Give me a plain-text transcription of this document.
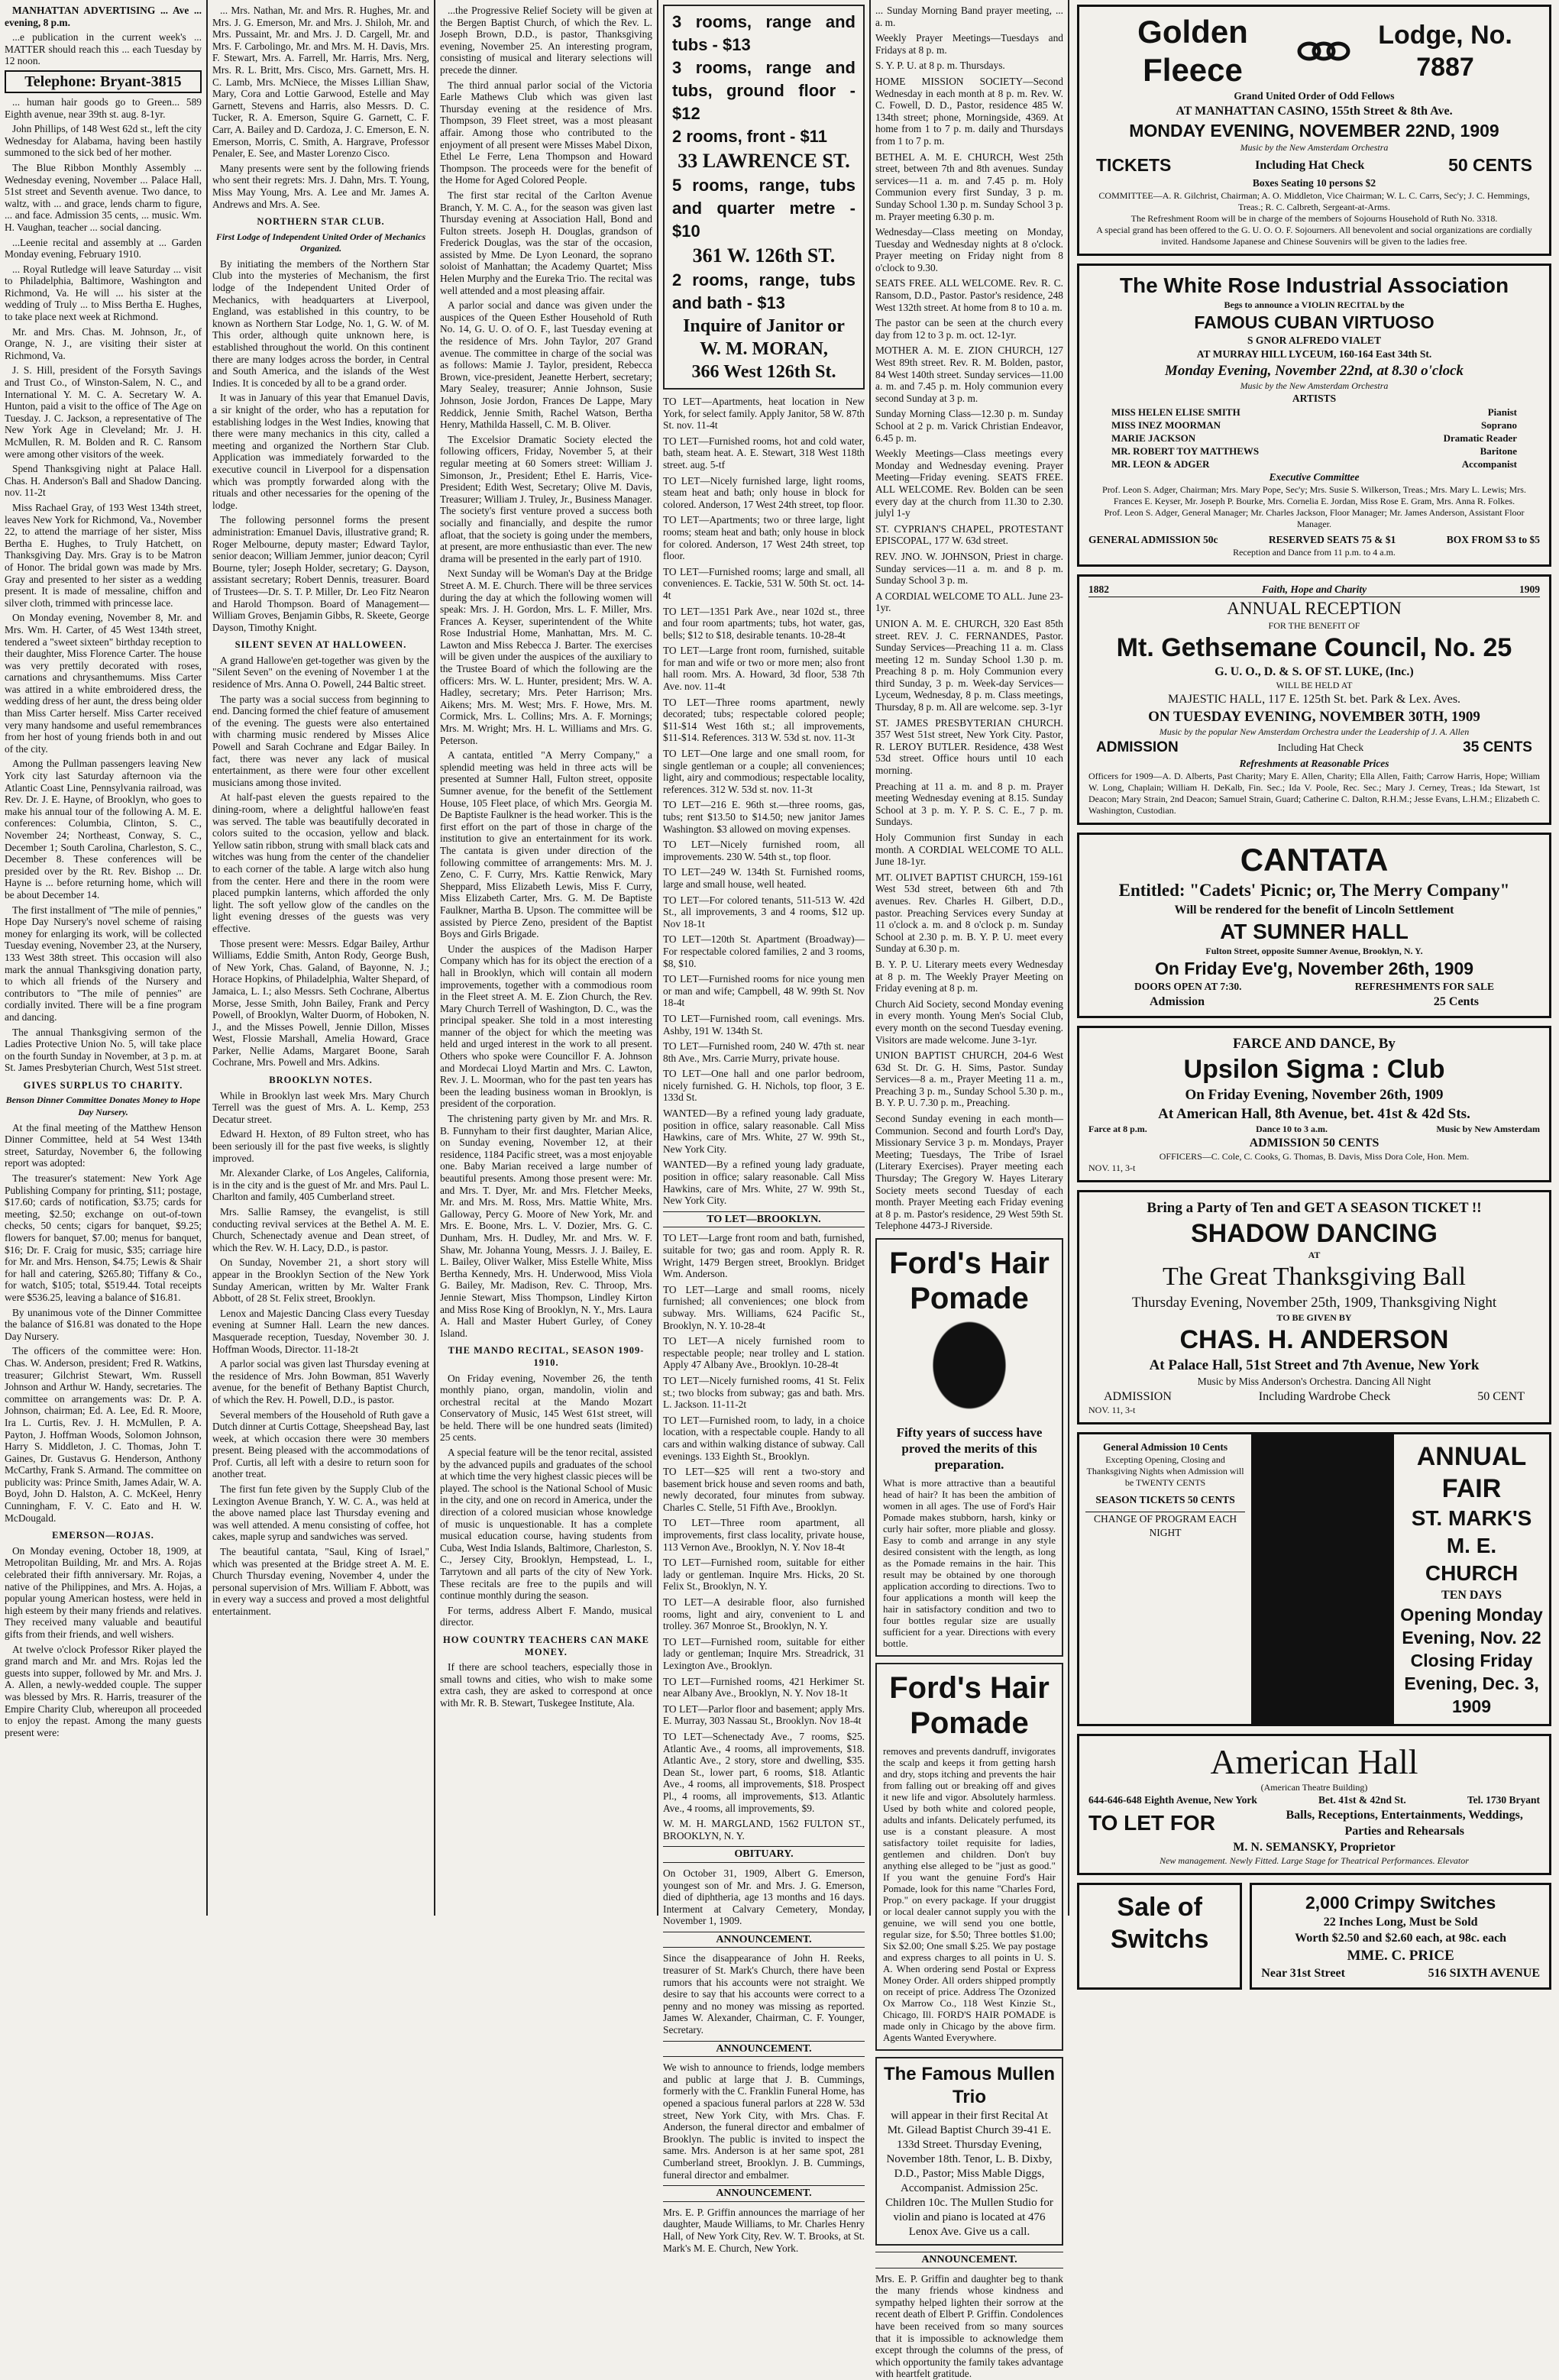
MANHATTAN ADVERTISING ... Ave ... evening, 8 p.m.

...e publication in the current week's ... MATTER should reach this ... each Tuesday by 12 noon.

Telephone: Bryant-3815

... human hair goods go to Green... 589 Eighth avenue, near 39th st. aug. 8-1yr.

John Phillips, of 148 West 62d st., left the city Wednesday for Alabama, having been hastily summoned to the sick bed of her mother.

The Blue Ribbon Monthly Assembly ... Wednesday evening, November ... Palace Hall, 51st street and Seventh avenue. Two dance, to waltz, with ... and grace, lends charm to figure, ... and face. Admission 35 cents, ... music. Wm. H. Vaughan, teacher ... social dancing.

...Leenie recital and assembly at ... Garden Monday evening, February 1910.

... Royal Rutledge will leave Saturday ... visit to Philadelphia, Baltimore, Washington and Richmond, Va. He will ... his sister at the wedding of Truly ... to Miss Bertha E. Hughes, to take place next week at Richmond.

Mr. and Mrs. Chas. M. Johnson, Jr., of Orange, N. J., are visiting their sister at Richmond, Va.

J. S. Hill, president of the Forsyth Savings and Trust Co., of Winston-Salem, N. C., and International Y. M. C. A. Secretary W. A. Hunton, paid a visit to the office of The Age on Tuesday. J. C. Jackson, a representative of The New York Age in Cleveland; Mr. J. H. McMullen, R. M. Bolden and R. C. Ransom were among other visitors of the week.

Spend Thanksgiving night at Palace Hall. Chas. H. Anderson's Ball and Shadow Dancing. nov. 11-2t

Miss Rachael Gray, of 193 West 134th street, leaves New York for Richmond, Va., November 22, to attend the marriage of her sister, Miss Bertha E. Hughes, to Truly Hatchett, on Thanksgiving Day. Mrs. Gray is to be Matron of Honor. The bridal gown was made by Mrs. Gray and presented to her sister as a wedding present. It is made of messaline, chiffon and silver cloth, trimmed with princesse lace.

On Monday evening, November 8, Mr. and Mrs. Wm. H. Carter, of 45 West 134th street, tendered a "sweet sixteen" birthday reception to their daughter, Miss Florence Carter. The house was very prettily decorated with roses, carnations and chrysanthemums. Miss Carter was attired in a white embroidered dress, the wedding dress of her aunt, the dress being older than Miss Carter herself. Miss Carter received very many handsome and useful remembrances from her host of young friends both in and out of the city.

Among the Pullman passengers leaving New York city last Saturday afternoon via the Atlantic Coast Line, Pennsylvania railroad, was Rev. Dr. J. E. Hayne, of Brooklyn, who goes to make his annual tour of the following A. M. E. conferences: Columbia, Clinton, S. C., November 24; Northeast, Conway, S. C., December 1; South Carolina, Charleston, S. C., December 8. These conferences will be presided over by the Rt. Rev. Bishop ... Dr. Hayne is ... before returning home, which will be about December 14.

The first installment of "The mile of pennies," Hope Day Nursery's novel scheme of raising money for enlarging its work, will be collected Tuesday evening, November 23, at the Nursery, 133 West 38th street. This occasion will also mark the annual Thanksgiving donation party, to which all friends of the Nursery and contributors to "The mile of pennies" are cordially invited. There will be a fine program and dancing.

The annual Thanksgiving sermon of the Ladies Protective Union No. 5, will take place on the fourth Sunday in November, at 3 p. m. at St. James Presbyterian Church, West 51st street.

GIVES SURPLUS TO CHARITY.
Benson Dinner Committee Donates Money to Hope Day Nursery.

At the final meeting of the Matthew Henson Dinner Committee, held at 54 West 134th street, Saturday, November 6, the following report was adopted:

The treasurer's statement: New York Age Publishing Company for printing, $11; postage, $17.60; cards of notification, $3.75; cards for meeting, $2.50; exchange on out-of-town checks, 50 cents; cigars for banquet, $9.25; flowers for banquet, $7.00; menus for banquet, $16; Dr. F. Craig for music, $35; carriage hire for Mr. and Mrs. Henson, $4.75; Lewis & Shair for hall and catering, $265.80; Tiffany & Co., for watch, $105; total, $519.44. Total receipts were $536.25, leaving a balance of $16.81.

By unanimous vote of the Dinner Committee the balance of $16.81 was donated to the Hope Day Nursery.

The officers of the committee were: Hon. Chas. W. Anderson, president; Fred R. Watkins, treasurer; Gilchrist Stewart, Wm. Russell Johnson and Arthur W. Handy, secretaries. The committee on arrangements was: Dr. P. A. Johnson, chairman; Ed. A. Lee, Ed. R. Moore, Ira L. Curtis, Rev. J. H. McMullen, P. A. Payton, J. Hoffman Woods, Solomon Johnson, Harry S. Middleton, J. C. Thomas, John T. Gaines, Dr. Gustavus G. Henderson, Anthony McCarthy, Frank S. Armand. The committee on publicity was: Prince Smith, James Adair, W. A. Boyd, John D. Halston, A. C. McKeel, Henry Cunningham, F. V. C. Eato and H. W. McDougald.

EMERSON—ROJAS.

On Monday evening, October 18, 1909, at Metropolitan Building, Mr. and Mrs. A. Rojas celebrated their fifth anniversary. Mr. Rojas, a native of the Philippines, and Mrs. A. Hojas, a popular young American hostess, were held in high esteem by their many friends and relatives. They received many valuable and beautiful gifts from their friends, and well wishers.

At twelve o'clock Professor Riker played the grand march and Mr. and Mrs. Rojas led the guests into supper, followed by Mr. and Mrs. J. A. Allen, a newly-wedded couple. The supper was blessed by Mrs. R. Harris, treasurer of the Empire Charity Club, whereupon all proceeded to enjoy the repast. Among the many guests present were:

... Mrs. Nathan, Mr. and Mrs. R. Hughes, Mr. and Mrs. J. G. Emerson, Mr. and Mrs. J. Shiloh, Mr. and Mrs. Pussaint, Mr. and Mrs. J. D. Cargell, Mr. and Mrs. F. Carbolingo, Mr. and Mrs. M. H. Davis, Mrs. F. Stewart, Mrs. A. Farrell, Mr. Harris, Mrs. Nerg, Mrs. R. L. Britt, Mrs. Cisco, Mrs. Garnett, Mrs. H. C. Lamb, Mrs. McNiece, the Misses Lillian Shaw, Mary, Cora and Lottie Garwood, Estelle and May Garnett, Stevens and Harris, also Messrs. D. C. Tucker, R. A. Emerson, Squire G. Garnett, C. F. Carr, A. Bailey and D. Cardoza, J. C. Emerson, E. N. Emerson, Morris, C. Smith, A. Hargrave, Professor Penaler, E. See, and Master Lorenzo Cisco.

Many presents were sent by the following friends who sent their regrets: Mrs. J. Dahn, Mrs. T. Young, Miss May Young, Mrs. A. Lee and Mr. James A. Andrews and Mrs. A. See.

NORTHERN STAR CLUB.
First Lodge of Independent United Order of Mechanics Organized.

By initiating the members of the Northern Star Club into the mysteries of Mechanism, the first lodge of the Independent United Order of Mechanics, with headquarters at Liverpool, England, was established in this country, to be known as Northern Star Lodge, No. 1, G. W. of M. This order, although quite unknown here, is established throughout the world. On this continent there are many lodges across the border, in Central and South America, and the islands of the West Indies. It is conceded by all to be a grand order.

It was in January of this year that Emanuel Davis, a sir knight of the order, who has a reputation for establishing lodges in the West Indies, knowing that there were many mechanics in this city, called a meeting and organized the Northern Star Club. Application was immediately forwarded to the executive council in Liverpool for a dispensation which was promptly forwarded along with the rituals and other necessaries for the opening of the lodge.

The following personnel forms the present administration: Emanuel Davis, illustrative grand; R. Roger Melbourne, deputy master; Edward Taylor, senior deacon; William Jemmer, junior deacon; Cyril Bourne, tyler; Joseph Holder, secretary; G. Dayson, assistant secretary; Robert Dennis, treasurer. Board of Trustees—Dr. S. T. P. Miller, Dr. Leo Fitz Nearon and Harold Thompson. Board of Management—William Groves, Benjamin Gibbs, R. Skeete, George Dayson, Timothy Knight.

SILENT SEVEN AT HALLOWEEN.

A grand Hallowe'en get-together was given by the "Silent Seven" on the evening of November 1 at the residence of Mrs. Anna O. Powell, 244 Baltic street.

The party was a social success from beginning to end. Dancing formed the chief feature of amusement of the evening. The guests were also entertained with charming music rendered by Misses Alice Powell and Sarah Cochrane and Edgar Bailey. In fact, there was never any lack of musical entertainment, as there were four other excellent musicians among those invited.

At half-past eleven the guests repaired to the dining-room, where a delightful hallowe'en feast was served. The table was beautifully decorated in colors suited to the occasion, yellow and black. Yellow satin ribbon, strung with small black cats and witches was hung from the center of the chandelier to each corner of the table. A large witch also hung from the center. Here and there in the room were placed pumpkin lanterns, which afforded the only light. The soft yellow glow of the candles on the light evening dresses of the guests was very effective.

Those present were: Messrs. Edgar Bailey, Arthur Williams, Eddie Smith, Anton Rody, George Bush, of New York, Chas. Galand, of Bayonne, N. J.; Horace Hopkins, of Philadelphia, Walter Shepard, of Jamaica, L. I.; also Messrs. Seth Cochrane, Albertus Morse, Jesse Smith, John Bailey, Frank and Percy Powell, of Brooklyn, Walter Duorm, of Hoboken, N. J., and the Misses Powell, Jennie Dillon, Misses West, Flossie Marshall, Amelia Howard, Grace Parker, Nellie Adams, Margaret Boone, Sarah Cochrane, Mrs. Powell and Mrs. Adkins.

BROOKLYN NOTES.

While in Brooklyn last week Mrs. Mary Church Terrell was the guest of Mrs. A. L. Kemp, 253 Decatur street.

Edward H. Hexton, of 89 Fulton street, who has been seriously ill for the past five weeks, is slightly improved.

Mr. Alexander Clarke, of Los Angeles, California, is in the city and is the guest of Mr. and Mrs. Paul L. Charlton and family, 405 Cumberland street.

Mrs. Sallie Ramsey, the evangelist, is still conducting revival services at the Bethel A. M. E. Church, Schenectady avenue and Dean street, of which the Rev. W. H. Lacy, D.D., is pastor.

On Sunday, November 21, a short story will appear in the Brooklyn Section of the New York Sunday American, written by Mr. Walter Frank Abbott, of 28 St. Felix street, Brooklyn.

Lenox and Majestic Dancing Class every Tuesday evening at Sumner Hall. Learn the new dances. Masquerade reception, Tuesday, November 30. J. Hoffman Woods, Director. 11-18-2t

A parlor social was given last Thursday evening at the residence of Mrs. John Bowman, 851 Waverly avenue, for the benefit of Bethany Baptist Church, of which the Rev. H. Powell, D.D., is pastor.

Several members of the Household of Ruth gave a Dutch dinner at Curtis Cottage, Sheepshead Bay, last week, at which occasion there were 30 members present. Being pleased with the accommodations of Prof. Curtis, all left with a desire to return soon for another treat.

The first fun fete given by the Supply Club of the Lexington Avenue Branch, Y. W. C. A., was held at the above named place last Thursday evening and was well attended. A menu consisting of coffee, hot cakes, maple syrup and sandwiches was served.

The beautiful cantata, "Saul, King of Israel," which was presented at the Bridge street A. M. E. Church Thursday evening, November 4, under the personal supervision of Mrs. William F. Abbott, was in every way a success and proved a most delightful entertainment.

...the Progressive Relief Society will be given at the Bergen Baptist Church, of which the Rev. L. Joseph Brown, D.D., is pastor, Thanksgiving evening, November 25. An interesting program, consisting of musical and literary selections will precede the dinner.

The third annual parlor social of the Victoria Earle Mathews Club which was given last Thursday evening at the residence of Mrs. Thompson, 39 Fleet street, was a most pleasant affair. Among those who contributed to the enjoyment of all present were Misses Mabel Dixon, Ethel Le Ferre, Lena Thompson and Howard Thompson. The proceeds were for the benefit of the Home for Aged Colored People.

The first star recital of the Carlton Avenue Branch, Y. M. C. A., for the season was given last Thursday evening at Association Hall, Bond and Fulton streets. Joseph H. Douglas, grandson of Frederick Douglas, was the star of the occasion, assisted by Mme. De Lyon Leonard, the soprano soloist of Manhattan; the Academy Quartet; Miss Helen Murphy and the Eureka Trio. The recital was well attended and a most pleasing affair.

A parlor social and dance was given under the auspices of the Queen Esther Household of Ruth No. 14, G. U. O. of O. F., last Tuesday evening at the residence of Mrs. John Taylor, 207 Grand avenue. The committee in charge of the social was as follows: Mamie J. Taylor, president, Rebecca Brown, vice-president, Jeanette Herbert, secretary; Mary Sealey, treasurer; Annie Johnson, Susie Johnson, Josie Jordon, Frances De Lappe, Mary Reddick, Jennie Smith, Rachel Watson, Bertha Henry, Mathilda Hassell, C. M. B. Oliver.

The Excelsior Dramatic Society elected the following officers, Friday, November 5, at their regular meeting at 60 Somers street: William J. Simonson, Jr., President; Ethel E. Harris, Vice-President; Edith West, Secretary; Olive M. Davis, Treasurer; William J. Truley, Jr., Business Manager. The society's first venture proved a success both socially and financially, and despite the rumor afloat, that the society is going under the members, at present, are more enthusiastic than ever. The new drama will be presented in the early part of 1910.

Next Sunday will be Woman's Day at the Bridge Street A. M. E. Church. There will be three services during the day at which the following women will speak: Mrs. J. H. Gordon, Mrs. L. F. Miller, Mrs. Frances A. Keyser, superintendent of the White Rose Industrial Home, Manhattan, Mrs. M. C. Lawton and Miss Rebecca J. Barter. The exercises will be given under the auspices of the auxiliary to the Trustee Board of which the following are the officers: Mrs. W. L. Hunter, president; Mrs. W. A. Hadley, secretary; Mrs. Peter Harrison; Mrs. Aikens; Mrs. M. West; Mrs. F. Howe, Mrs. M. Cormick, Mrs. L. Collins; Mrs. A. F. Mornings; Mrs. M. Wright; Mrs. H. L. Williams and Mrs. G. Peterson.

A cantata, entitled "A Merry Company," a splendid meeting was held in three acts will be presented at Sumner Hall, Fulton street, opposite Sumner avenue, for the benefit of the Settlement House, 105 Fleet place, of which Mrs. Georgia M. De Baptiste Faulkner is the head worker. This is the first effort on the part of those in charge of the institution to give an entertainment for its work. The cantata is given under direction of the following committee of arrangements: Mrs. M. J. Zeno, C. F. Curry, Mrs. Kattie Renwick, Mary Sheppard, Miss Elizabeth Lewis, Miss F. Curry, Miss Elizabeth Carter, Mrs. G. M. De Baptiste Faulkner, Martha B. Upson. The committee will be assisted by Pierce Zeno, president of the Baptist Boys and Girls Brigade.

Under the auspices of the Madison Harper Company which has for its object the erection of a hall in Brooklyn, which will contain all modern improvements, together with a commodious room in the Fleet street A. M. E. Zion Church, the Rev. Mary Church Terrell of Washington, D. C., was the principal speaker. She told in a most interesting manner of the object for which the meeting was held and urged interest in the work to all present. Others who spoke were Councillor F. A. Johnson and Mordecai Lloyd Martin and Mrs. C. Lawton, Rev. J. L. Moorman, who for the past ten years has been the leading business woman in Brooklyn, is president of the corporation.

The christening party given by Mr. and Mrs. R. B. Funnyham to their first daughter, Marian Alice, on Sunday evening, November 12, at their residence, 1184 Pacific street, was a most enjoyable one. Baby Marian received a large number of beautiful presents. Among those present were: Mr. and Mrs. T. Dyer, Mr. and Mrs. Fletcher Meeks, Mr. and Mrs. M. Ross, Mrs. Mattie White, Mrs. Galloway, Percy G. Moore of New York, Mr. and Mrs. E. Boone, Mrs. L. V. Dozier, Mrs. G. C. Dunham, Mrs. H. Dudley, Mr. and Mrs. W. F. Shaw, Mr. Johanna Young, Messrs. J. J. Bailey, E. L. Bailey, Oliver Walker, Miss Estelle White, Miss Bertha Kennedy, Mrs. H. Underwood, Miss Viola G. Bailey, Mr. Madison, Rev. C. Throop, Mrs. Jennie Stewart, Miss Thompson, Lindley Kirton and Miss Rose King of Brooklyn, N. Y., Mrs. Laura A. Hall and Master Hubert Gurley, of Coney Island.

THE MANDO RECITAL, SEASON 1909-1910.

On Friday evening, November 26, the tenth monthly piano, organ, mandolin, violin and orchestral recital at the Mando Mozart Conservatory of Music, 145 West 61st street, will be held. There will be one hundred seats (limited) 25 cents.

A special feature will be the tenor recital, assisted by the advanced pupils and graduates of the school at which time the very highest classic pieces will be played. The school is the National School of Music in the city, and one on record in America, under the direction of a colored musician whose knowledge of music is unquestionable. It has a complete musical education course, having students from Cuba, West India Islands, Baltimore, Charleston, S. C., Jersey City, Brooklyn, Hempstead, L. I., Tarrytown and all parts of the city of New York. These recitals are free to the pupils and will continue monthly during the season.

For terms, address Albert F. Mando, musical director.

HOW COUNTRY TEACHERS CAN MAKE MONEY.

If there are school teachers, especially those in small towns and cities, who wish to make some extra cash, they are asked to correspond at once with Mr. R. B. Stewart, Tuskegee Institute, Ala.

3 rooms, range and tubs - $13
3 rooms, range and tubs, ground floor - $12
2 rooms, front - $11
33 LAWRENCE ST.
5 rooms, range, tubs and quarter metre - $10
361 W. 126th ST.
2 rooms, range, tubs and bath - $13
Inquire of Janitor or
W. M. MORAN,
366 West 126th St.

TO LET—Apartments, heat location in New York, for select family. Apply Janitor, 58 W. 87th St. nov. 11-4t

TO LET—Furnished rooms, hot and cold water, bath, steam heat. A. E. Stewart, 318 West 118th street. aug. 5-tf

TO LET—Nicely furnished large, light rooms, steam heat and bath; only house in block for colored. Anderson, 17 West 24th street, top floor.

TO LET—Apartments; two or three large, light rooms; steam heat and bath; only house in block for colored. Anderson, 17 West 24th street, top floor.

TO LET—Furnished rooms; large and small, all conveniences. E. Tackie, 531 W. 50th St. oct. 14-4t

TO LET—1351 Park Ave., near 102d st., three and four room apartments; tubs, hot water, gas, bells; $12 to $18, desirable tenants. 10-28-4t

TO LET—Large front room, furnished, suitable for man and wife or two or more men; also front hall room. Mrs. A. Howard, 3d floor, 538 7th Ave. nov. 11-4t

TO LET—Three rooms apartment, newly decorated; tubs; respectable colored people; $11-$14 West 16th st.; all improvements, $11-$14. References. 313 W. 53d st. nov. 11-3t

TO LET—One large and one small room, for single gentleman or a couple; all conveniences; light, airy and commodious; respectable locality, references. 312 W. 53d st. nov. 11-3t

TO LET—216 E. 96th st.—three rooms, gas, tubs; rent $13.50 to $14.50; new janitor James Washington. $3 allowed on moving expenses.

TO LET—Nicely furnished room, all improvements. 230 W. 54th st., top floor.

TO LET—249 W. 134th St. Furnished rooms, large and small house, well heated.

TO LET—For colored tenants, 511-513 W. 42d St., all improvements, 3 and 4 rooms, $12 up. Nov 18-1t

TO LET—120th St. Apartment (Broadway)—For respectable colored families, 2 and 3 rooms, $8, $10.

TO LET—Furnished rooms for nice young men or man and wife; Campbell, 48 W. 99th St. Nov 18-4t

TO LET—Furnished room, call evenings. Mrs. Ashby, 191 W. 134th St.

TO LET—Furnished room, 240 W. 47th st. near 8th Ave., Mrs. Carrie Murry, private house.

TO LET—One hall and one parlor bedroom, nicely furnished. G. H. Nichols, top floor, 3 E. 133d St.

WANTED—By a refined young lady graduate, position in office, salary reasonable. Call Miss Hawkins, care of Mrs. White, 27 W. 99th St., New York City.

WANTED—By a refined young lady graduate, position in office; salary reasonable. Call Miss Hawkins, care of Mrs. White, 27 W. 99th St., New York City.

TO LET—BROOKLYN.

TO LET—Large front room and bath, furnished, suitable for two; gas and room. Apply R. R. Wright, 1479 Bergen street, Brooklyn. Bridget Wm. Anderson.

TO LET—Large and small rooms, nicely furnished; all conveniences; one block from subway. Mrs. Williams, 624 Pacific St., Brooklyn, N. Y. 10-28-4t

TO LET—A nicely furnished room to respectable people; near trolley and L station. Apply 47 Albany Ave., Brooklyn. 10-28-4t

TO LET—Nicely furnished rooms, 41 St. Felix st.; two blocks from subway; gas and bath. Mrs. L. Jackson. 11-11-2t

TO LET—Furnished room, to lady, in a choice location, with a respectable couple. Handy to all cars and within walking distance of subway. Call evenings. 133 Eighth St., Brooklyn.

TO LET—$25 will rent a two-story and basement brick house and seven rooms and bath, newly decorated, four minutes from subway. Charles C. Stelle, 51 Fifth Ave., Brooklyn.

TO LET—Three room apartment, all improvements, first class locality, private house, 113 Vernon Ave., Brooklyn, N. Y. Nov 18-4t

TO LET—Furnished room, suitable for either lady or gentleman. Inquire Mrs. Hicks, 20 St. Felix St., Brooklyn, N. Y.

TO LET—A desirable floor, also furnished rooms, light and airy, convenient to L and trolley. 367 Monroe St., Brooklyn, N. Y.

TO LET—Furnished room, suitable for either lady or gentleman; Inquire Mrs. Streadrick, 31 Lexington Ave., Brooklyn.

TO LET—Furnished rooms, 421 Herkimer St. near Albany Ave., Brooklyn, N. Y. Nov 18-1t

TO LET—Parlor floor and basement; apply Mrs. E. Murray, 303 Nassau St., Brooklyn. Nov 18-4t

TO LET—Schenectady Ave., 7 rooms, $25. Atlantic Ave., 4 rooms, all improvements, $18. Atlantic Ave., 2 story, store and dwelling, $35. Dean St., lower part, 6 rooms, $18. Atlantic Ave., 4 rooms, all improvements, $18. Prospect Pl., 4 rooms, all improvements, $13. Atlantic Ave., 4 rooms, all improvements, $9.

W. M. H. MARGLAND, 1562 FULTON ST., BROOKLYN, N. Y.

OBITUARY.

On October 31, 1909, Albert G. Emerson, youngest son of Mr. and Mrs. J. G. Emerson, died of diphtheria, age 13 months and 16 days. Interment at Calvary Cemetery, Monday, November 1, 1909.

ANNOUNCEMENT.

Since the disappearance of John H. Reeks, treasurer of St. Mark's Church, there have been rumors that his accounts were not straight. We desire to say that his accounts were correct to a penny and no money was missing as reported. James W. Alexander, Chairman, C. F. Younger, Secretary.

ANNOUNCEMENT.

We wish to announce to friends, lodge members and public at large that J. B. Cummings, formerly with the C. Franklin Funeral Home, has opened a spacious funeral parlors at 228 W. 53d street, New York City, with Mrs. Chas. F. Anderson, the funeral director and embalmer of Brooklyn. The public is invited to inspect the same. Mrs. Anderson is at her same spot, 281 Cumberland street, Brooklyn. J. B. Cummings, funeral director and embalmer.

ANNOUNCEMENT.

Mrs. E. P. Griffin announces the marriage of her daughter, Maude Williams, to Mr. Charles Henry Hall, of New York City, Rev. W. T. Brooks, at St. Mark's M. E. Church, New York.

... Sunday Morning Band prayer meeting, ... a. m.

Weekly Prayer Meetings—Tuesdays and Fridays at 8 p. m.

S. Y. P. U. at 8 p. m. Thursdays.

HOME MISSION SOCIETY—Second Wednesday in each month at 8 p. m. Rev. W. C. Fowell, D. D., Pastor, residence 485 W. 134th street; phone, Morningside, 4369. At home from 1 to 7 p. m. daily and Thursdays from 1 to 7 p. m.

BETHEL A. M. E. CHURCH, West 25th street, between 7th and 8th avenues. Sunday services—11 a. m. and 7.45 p. m. Holy Communion every first Sunday, 3 p. m. Sunday School 1.30 p. m. Sunday School 3 p. m. Prayer meeting 6.30 p. m.

Wednesday—Class meeting on Monday, Tuesday and Wednesday nights at 8 o'clock. Prayer meeting on Friday night from 8 o'clock to 9.30.

SEATS FREE. ALL WELCOME. Rev. R. C. Ransom, D.D., Pastor. Pastor's residence, 248 West 132th street. At home from 8 to 10 a. m.

The pastor can be seen at the church every day from 12 to 3 p. m. oct. 12-1yr.

MOTHER A. M. E. ZION CHURCH, 127 West 89th street. Rev. R. M. Bolden, pastor, 84 West 140th street. Sunday services—11.00 a. m. and 7.45 p. m. Holy communion every second Sunday at 3 p. m.

Sunday Morning Class—12.30 p. m. Sunday School at 2 p. m. Varick Christian Endeavor, 6.45 p. m.

Weekly Meetings—Class meetings every Monday and Wednesday evening. Prayer Meeting—Friday evening. SEATS FREE. ALL WELCOME. Rev. Bolden can be seen every day at the church from 11.30 to 2.30. julyl 1-y

ST. CYPRIAN'S CHAPEL, PROTESTANT EPISCOPAL, 177 W. 63d street.

REV. JNO. W. JOHNSON, Priest in charge. Sunday services—11 a. m. and 8 p. m. Sunday School 3 p. m.

A CORDIAL WELCOME TO ALL. June 23-1yr.

UNION A. M. E. CHURCH, 320 East 85th street. REV. J. C. FERNANDES, Pastor. Sunday Services—Preaching 11 a. m. Class meeting 12 m. Sunday School 1.30 p. m. Preaching 8 p. m. Holy Communion every third Sunday, 3 p. m. Week-day Services—Lyceum, Wednesday, 8 p. m. Class meetings, Thursday, 8 p. m. All are welcome. sep. 3-1yr

ST. JAMES PRESBYTERIAN CHURCH. 357 West 51st street, New York City. Pastor, R. LEROY BUTLER. Residence, 438 West 53d street. Office hours until 10 each morning.

Preaching at 11 a. m. and 8 p. m. Prayer meeting Wednesday evening at 8.15. Sunday School at 3 p. m. Y. P. S. C. E., 7 p. m. Sundays.

Holy Communion first Sunday in each month. A CORDIAL WELCOME TO ALL. June 18-1yr.

MT. OLIVET BAPTIST CHURCH, 159-161 West 53d street, between 6th and 7th avenues. Rev. Charles H. Gilbert, D.D., pastor. Preaching Services every Sunday at 11 o'clock a. m. and 8 o'clock p. m. Sunday School at 2.30 p. m. B. Y. P. U. meet every Sunday at 6.30 p. m.

B. Y. P. U. Literary meets every Wednesday at 8 p. m. The Weekly Prayer Meeting on Friday evening at 8 p. m.

Church Aid Society, second Monday evening in every month. Young Men's Social Club, every month on the second Tuesday evening. Visitors are made welcome. June 3-1yr.

UNION BAPTIST CHURCH, 204-6 West 63d St. Dr. G. H. Sims, Pastor. Sunday Services—8 a. m., Prayer Meeting 11 a. m., Preaching 3 p. m., Sunday School 5.30 p. m., B. Y. P. U. 7.30 p. m., Preaching.

Second Sunday evening in each month—Communion. Second and fourth Lord's Day, Missionary Service 3 p. m. Mondays, Prayer Meeting; Tuesdays, The Tribe of Israel (Literary Exercises). Prayer meeting each Thursday; The Gregory W. Hayes Literary Society meets second Tuesday of each month. Prayer Meeting each Friday evening at 8 p. m. Pastor's residence, 29 West 59th St. Telephone 4473-J Riverside.

Ford's Hair Pomade
Fifty years of success have proved the merits of this preparation.
What is more attractive than a beautiful head of hair? It has been the ambition of women in all ages. The use of Ford's Hair Pomade makes stubborn, harsh, kinky or curly hair softer, more pliable and glossy. Easy to comb and arrange in any style desired consistent with the length, as long as the Pomade remains in the hair. This result may be obtained by one thorough application according to directions. Two to four applications a month will keep the hair in satisfactory condition and two to four bottles regular size are usually sufficient for a year. Directions with every bottle.
Ford's Hair Pomade
removes and prevents dandruff, invigorates the scalp and keeps it from getting harsh and dry, stops itching and prevents the hair from falling out or breaking off and gives it new life and vigor. Absolutely harmless. Used by both white and colored people, adults and infants. Delicately perfumed, its use is a constant pleasure. A most satisfactory toilet requisite for ladies, gentlemen and children. Don't buy anything else alleged to be "just as good." If you want the genuine Ford's Hair Pomade, look for this name "Charles Ford, Prop." on every package. If your druggist or local dealer cannot supply you with the genuine, we will send you one bottle, regular size, for $.50; Three bottles $1.00; Six $2.00; One small $.25. We pay postage and express charges to all points in U. S. A. When ordering send Postal or Express Money Order. All orders shipped promptly on receipt of price. Address The Ozonized Ox Marrow Co., 118 West Kinzie St., Chicago, Ill. FORD'S HAIR POMADE is made only in Chicago by the above firm. Agents Wanted Everywhere.
The Famous Mullen Trio
will appear in their first Recital At Mt. Gilead Baptist Church 39-41 E. 133d Street. Thursday Evening, November 18th. Tenor, L. B. Dixby, D.D., Pastor; Miss Mable Diggs, Accompanist. Admission 25c. Children 10c. The Mullen Studio for violin and piano is located at 476 Lenox Ave. Give us a call.
ANNOUNCEMENT.

Mrs. E. P. Griffin and daughter beg to thank the many friends whose kindness and sympathy helped lighten their sorrow at the recent death of Elbert P. Griffin. Condolences have been received from so many sources that it is impossible to acknowledge them except through the columns of the press, of which opportunity the family takes advantage with heartfelt gratitude.

Golden Fleece
Lodge, No. 7887
Grand United Order of Odd Fellows
AT MANHATTAN CASINO, 155th Street & 8th Ave.
MONDAY EVENING, NOVEMBER 22ND, 1909
Music by the New Amsterdam Orchestra
TICKETS	Including Hat Check	50 CENTS
Boxes Seating 10 persons $2
COMMITTEE—A. R. Gilchrist, Chairman; A. O. Middleton, Vice Chairman; W. L. C. Carrs, Sec'y; J. C. Hemmings, Treas.; R. C. Calbreth, Sergeant-at-Arms.
The Refreshment Room will be in charge of the members of Sojourns Household of Ruth No. 3318.
A special grand has been offered to the G. U. O. O. F. Sojourners. All benevolent and social organizations are cordially invited. Handsome Japanese and Chinese Souvenirs will be given to the ladies free.
The White Rose Industrial Association
Begs to announce a VIOLIN RECITAL by the
FAMOUS CUBAN VIRTUOSO
S GNOR ALFREDO VIALET
AT MURRAY HILL LYCEUM, 160-164 East 34th St.
Monday Evening, November 22nd, at 8.30 o'clock
Music by the New Amsterdam Orchestra
ARTISTS
MISS HELEN ELISE SMITH	Pianist
MISS INEZ MOORMAN	Soprano
MARIE JACKSON	Dramatic Reader
MR. ROBERT TOY MATTHEWS	Baritone
MR. LEON & ADGER	Accompanist
Executive Committee
Prof. Leon S. Adger, Chairman; Mrs. Mary Pope, Sec'y; Mrs. Susie S. Wilkerson, Treas.; Mrs. Mary L. Lewis; Mrs. Frances E. Keyser, Mr. Joseph P. Bourke, Mrs. Cornelia E. Jordan, Miss Rose E. Gram, Mrs. Anna R. Folkes.
Prof. Leon S. Adger, General Manager; Mr. Charles Jackson, Floor Manager; Mr. James Anderson, Assistant Floor Manager.
GENERAL ADMISSION 50c	RESERVED SEATS 75 & $1	BOX FROM $3 to $5
Reception and Dance from 11 p.m. to 4 a.m.
1882	Faith, Hope and Charity	1909
ANNUAL RECEPTION
FOR THE BENEFIT OF
Mt. Gethsemane Council, No. 25
G. U. O., D. & S. OF ST. LUKE, (Inc.)
WILL BE HELD AT
MAJESTIC HALL, 117 E. 125th St. bet. Park & Lex. Aves.
ON TUESDAY EVENING, NOVEMBER 30TH, 1909
Music by the popular New Amsterdam Orchestra under the Leadership of J. A. Allen
ADMISSION	Including Hat Check	35 CENTS
Refreshments at Reasonable Prices
Officers for 1909—A. D. Alberts, Past Charity; Mary E. Allen, Charity; Ella Allen, Faith; Carrow Harris, Hope; William W. Long, Chaplain; William H. DeKalb, Fin. Sec.; Ida V. Poole, Rec. Sec.; Mary J. Cerney, Treas.; Ida Stewart, 1st Deacon; Mary Strain, 2nd Deacon; Samuel Strain, Guard; Catherine C. Dalton, R.H.M.; Jesse Evans, L.H.M.; Elizabeth C. Washington, Custodian.
CANTATA
Entitled: "Cadets' Picnic; or, The Merry Company"
Will be rendered for the benefit of Lincoln Settlement
AT SUMNER HALL
Fulton Street, opposite Sumner Avenue, Brooklyn, N. Y.
On Friday Eve'g, November 26th, 1909
DOORS OPEN AT 7:30.	REFRESHMENTS FOR SALE
Admission	25 Cents
FARCE AND DANCE, By
Upsilon Sigma : Club
On Friday Evening, November 26th, 1909
At American Hall, 8th Avenue, bet. 41st & 42d Sts.
Farce at 8 p.m.	Dance 10 to 3 a.m.	Music by New Amsterdam
ADMISSION 50 CENTS
OFFICERS—C. Cole, C. Cooks, G. Thomas, B. Davis, Miss Dora Cole, Hon. Mem.
NOV. 11, 3-t
Bring a Party of Ten and GET A SEASON TICKET !!
SHADOW DANCING
AT
The Great Thanksgiving Ball
Thursday Evening, November 25th, 1909, Thanksgiving Night
TO BE GIVEN BY
CHAS. H. ANDERSON
At Palace Hall, 51st Street and 7th Avenue, New York
Music by Miss Anderson's Orchestra. Dancing All Night
ADMISSION	Including Wardrobe Check	50 CENT
NOV. 11, 3-t
General Admission 10 Cents
Excepting Opening, Closing and Thanksgiving Nights when Admission will be TWENTY CENTS
SEASON TICKETS 50 CENTS
CHANGE OF PROGRAM EACH NIGHT
ANNUAL FAIR
ST. MARK'S M. E. CHURCH
TEN DAYS
Opening Monday Evening, Nov. 22
Closing Friday Evening, Dec. 3, 1909
American Hall
(American Theatre Building)
644-646-648 Eighth Avenue, New York	Bet. 41st & 42nd St.	Tel. 1730 Bryant
TO LET FOR	Balls, Receptions, Entertainments, Weddings, Parties and Rehearsals
M. N. SEMANSKY, Proprietor
New management. Newly Fitted. Large Stage for Theatrical Performances. Elevator
Sale of
Switchs
2,000 Crimpy Switches
22 Inches Long, Must be Sold
Worth $2.50 and $2.60 each, at 98c. each
MME. C. PRICE
Near 31st Street	516 SIXTH AVENUE
